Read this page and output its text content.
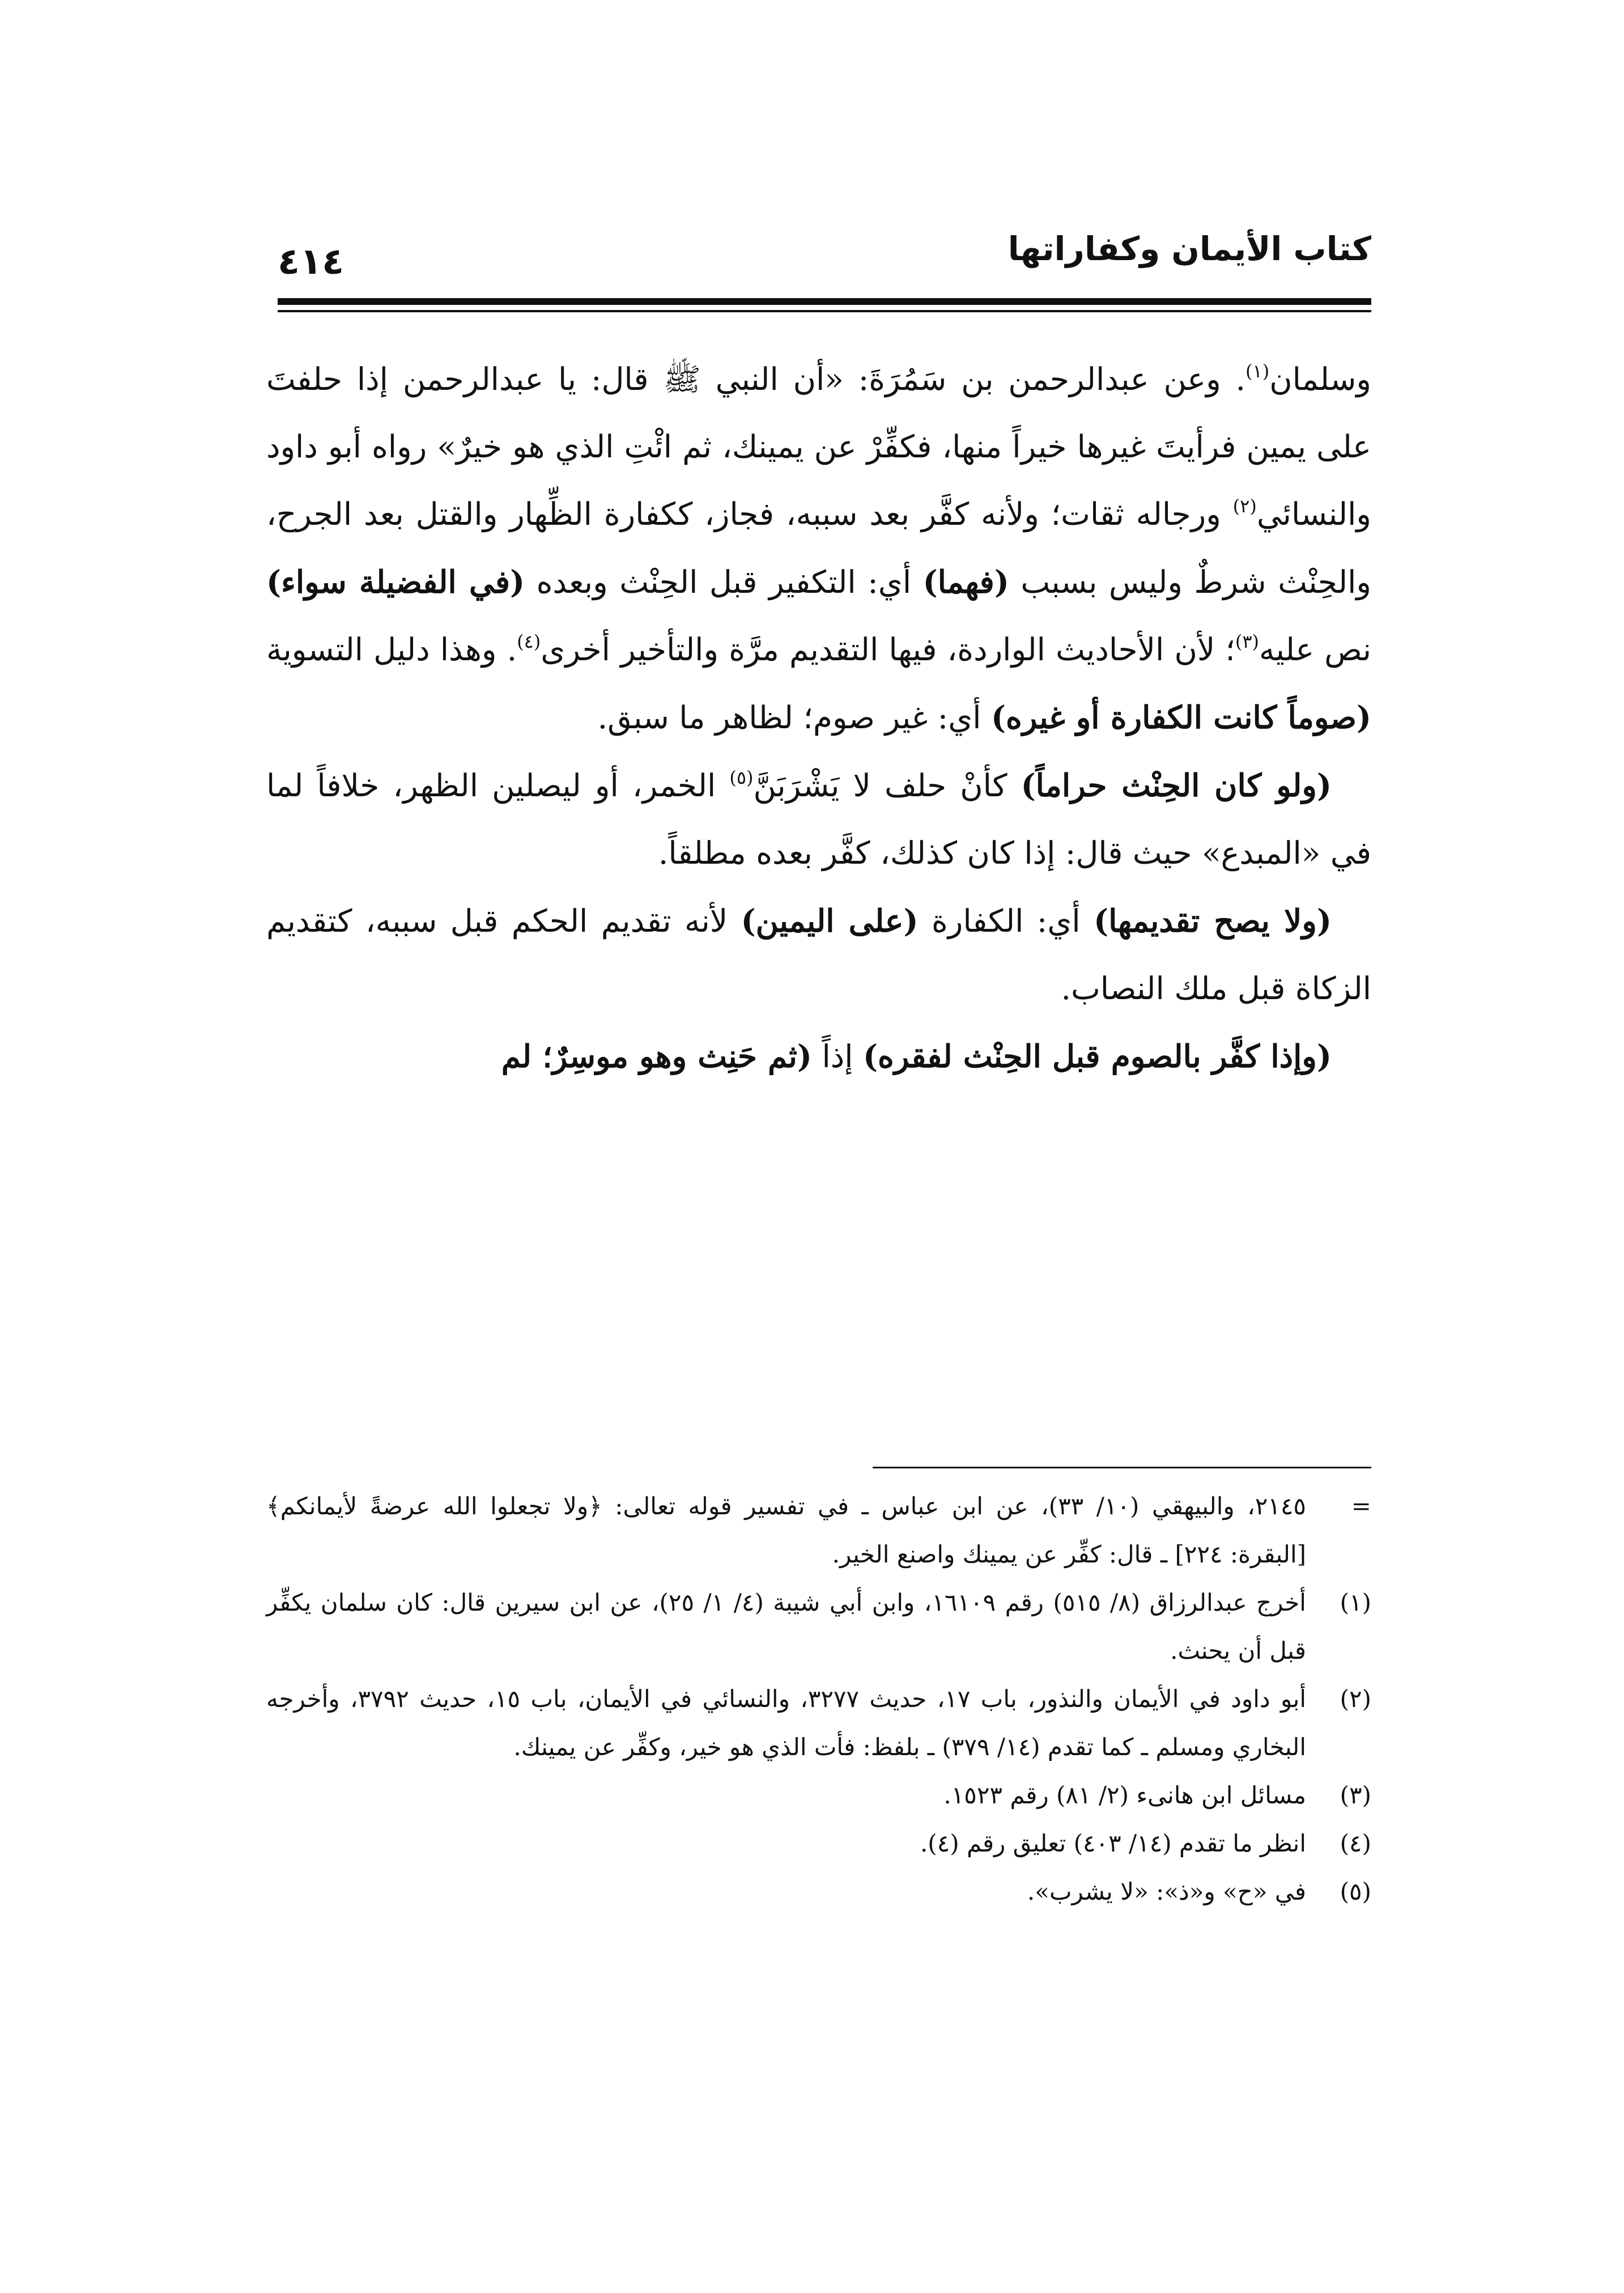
كتاب الأيمان وكفاراتها
٤١٤

وسلمان$^{(١)}$. وعن عبدالرحمن بن سَمُرَةَ: «أن النبي ﷺ قال: يا عبدالرحمن إذا حلفتَ على يمين فرأيتَ غيرها خيراً منها، فكفِّرْ عن يمينك، ثم ائْتِ الذي هو خيرٌ» رواه أبو داود والنسائي$^{(٢)}$ ورجاله ثقات؛ ولأنه كفَّر بعد سببه، فجاز، ككفارة الظِّهار والقتل بعد الجرح، والحِنْث شرطٌ وليس بسبب (فهما) أي: التكفير قبل الحِنْث وبعده (في الفضيلة سواء) نص عليه$^{(٣)}$؛ لأن الأحاديث الواردة، فيها التقديم مرَّة والتأخير أخرى$^{(٤)}$. وهذا دليل التسوية (صوماً كانت الكفارة أو غيره) أي: غير صوم؛ لظاهر ما سبق.

(ولو كان الحِنْث حراماً) كأنْ حلف لا يَشْرَبَنَّ$^{(٥)}$ الخمر، أو ليصلين الظهر، خلافاً لما في «المبدع» حيث قال: إذا كان كذلك، كفَّر بعده مطلقاً.

(ولا يصح تقديمها) أي: الكفارة (على اليمين) لأنه تقديم الحكم قبل سببه، كتقديم الزكاة قبل ملك النصاب.

(وإذا كفَّر بالصوم قبل الحِنْث لفقره) إذاً (ثم حَنِث وهو موسِرٌ؛ لم

=
٢١٤٥، والبيهقي (١٠/ ٣٣)، عن ابن عباس ـ في تفسير قوله تعالى: ﴿ولا تجعلوا الله عرضةً لأيمانكم﴾ [البقرة: ٢٢٤] ـ قال: كفِّر عن يمينك واصنع الخير.
(١)
أخرج عبدالرزاق (٨/ ٥١٥) رقم ١٦١٠٩، وابن أبي شيبة (٤/ ١/ ٢٥)، عن ابن سيرين قال: كان سلمان يكفِّر قبل أن يحنث.
(٢)
أبو داود في الأيمان والنذور، باب ١٧، حديث ٣٢٧٧، والنسائي في الأيمان، باب ١٥، حديث ٣٧٩٢، وأخرجه البخاري ومسلم ـ كما تقدم (١٤/ ٣٧٩) ـ بلفظ: فأت الذي هو خير، وكفِّر عن يمينك.
(٣)
مسائل ابن هانىء (٢/ ٨١) رقم ١٥٢٣.
(٤)
انظر ما تقدم (١٤/ ٤٠٣) تعليق رقم (٤).
(٥)
في «ح» و«ذ»: «لا يشرب».
